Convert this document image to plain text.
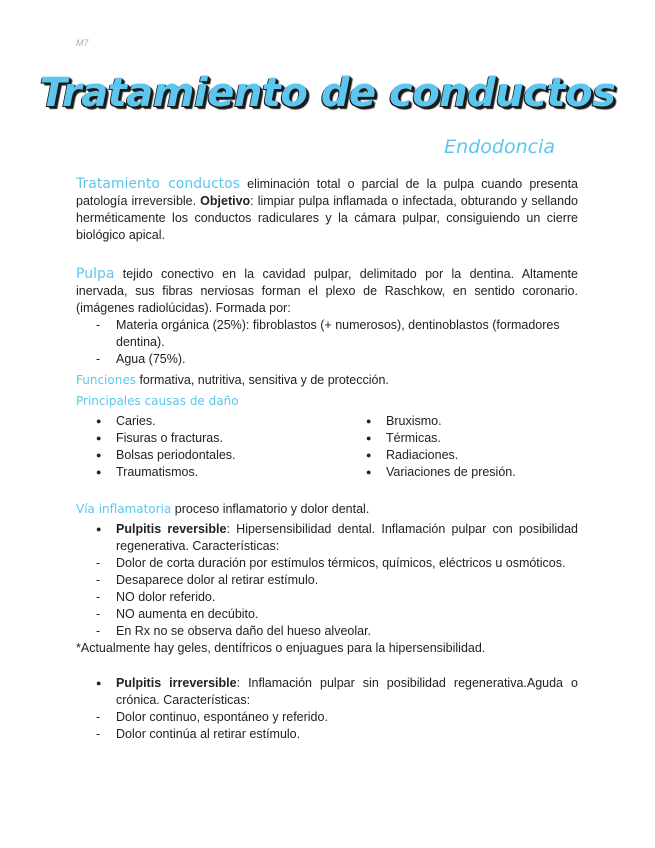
M7
Tratamiento de conductos
Endodoncia

Tratamiento conductos eliminación total o parcial de la pulpa cuando presenta patología irreversible. Objetivo: limpiar pulpa inflamada o infectada, obturando y sellando herméticamente los conductos radiculares y la cámara pulpar, consiguiendo un cierre biológico apical.

Pulpa tejido conectivo en la cavidad pulpar, delimitado por la dentina. Altamente inervada, sus fibras nerviosas forman el plexo de Raschkow, en sentido coronario. (imágenes radiolúcidas). Formada por:

- Materia orgánica (25%): fibroblastos (+ numerosos), dentinoblastos (formadores dentina).
- Agua (75%).

Funciones formativa, nutritiva, sensitiva y de protección.

Principales causas de daño

● Caries.
● Fisuras o fracturas.
● Bolsas periodontales.
● Traumatismos.
● Bruxismo.
● Térmicas.
● Radiaciones.
● Variaciones de presión.

Vía inflamatoria proceso inflamatorio y dolor dental.

● Pulpitis reversible: Hipersensibilidad dental. Inflamación pulpar con posibilidad regenerativa. Características:
- Dolor de corta duración por estímulos térmicos, químicos, eléctricos u osmóticos.
- Desaparece dolor al retirar estímulo.
- NO dolor referido.
- NO aumenta en decúbito.
- En Rx no se observa daño del hueso alveolar.

*Actualmente hay geles, dentífricos o enjuagues para la hipersensibilidad.

● Pulpitis irreversible: Inflamación pulpar sin posibilidad regenerativa.Aguda o crónica. Características:
- Dolor continuo, espontáneo y referido.
- Dolor continúa al retirar estímulo.
